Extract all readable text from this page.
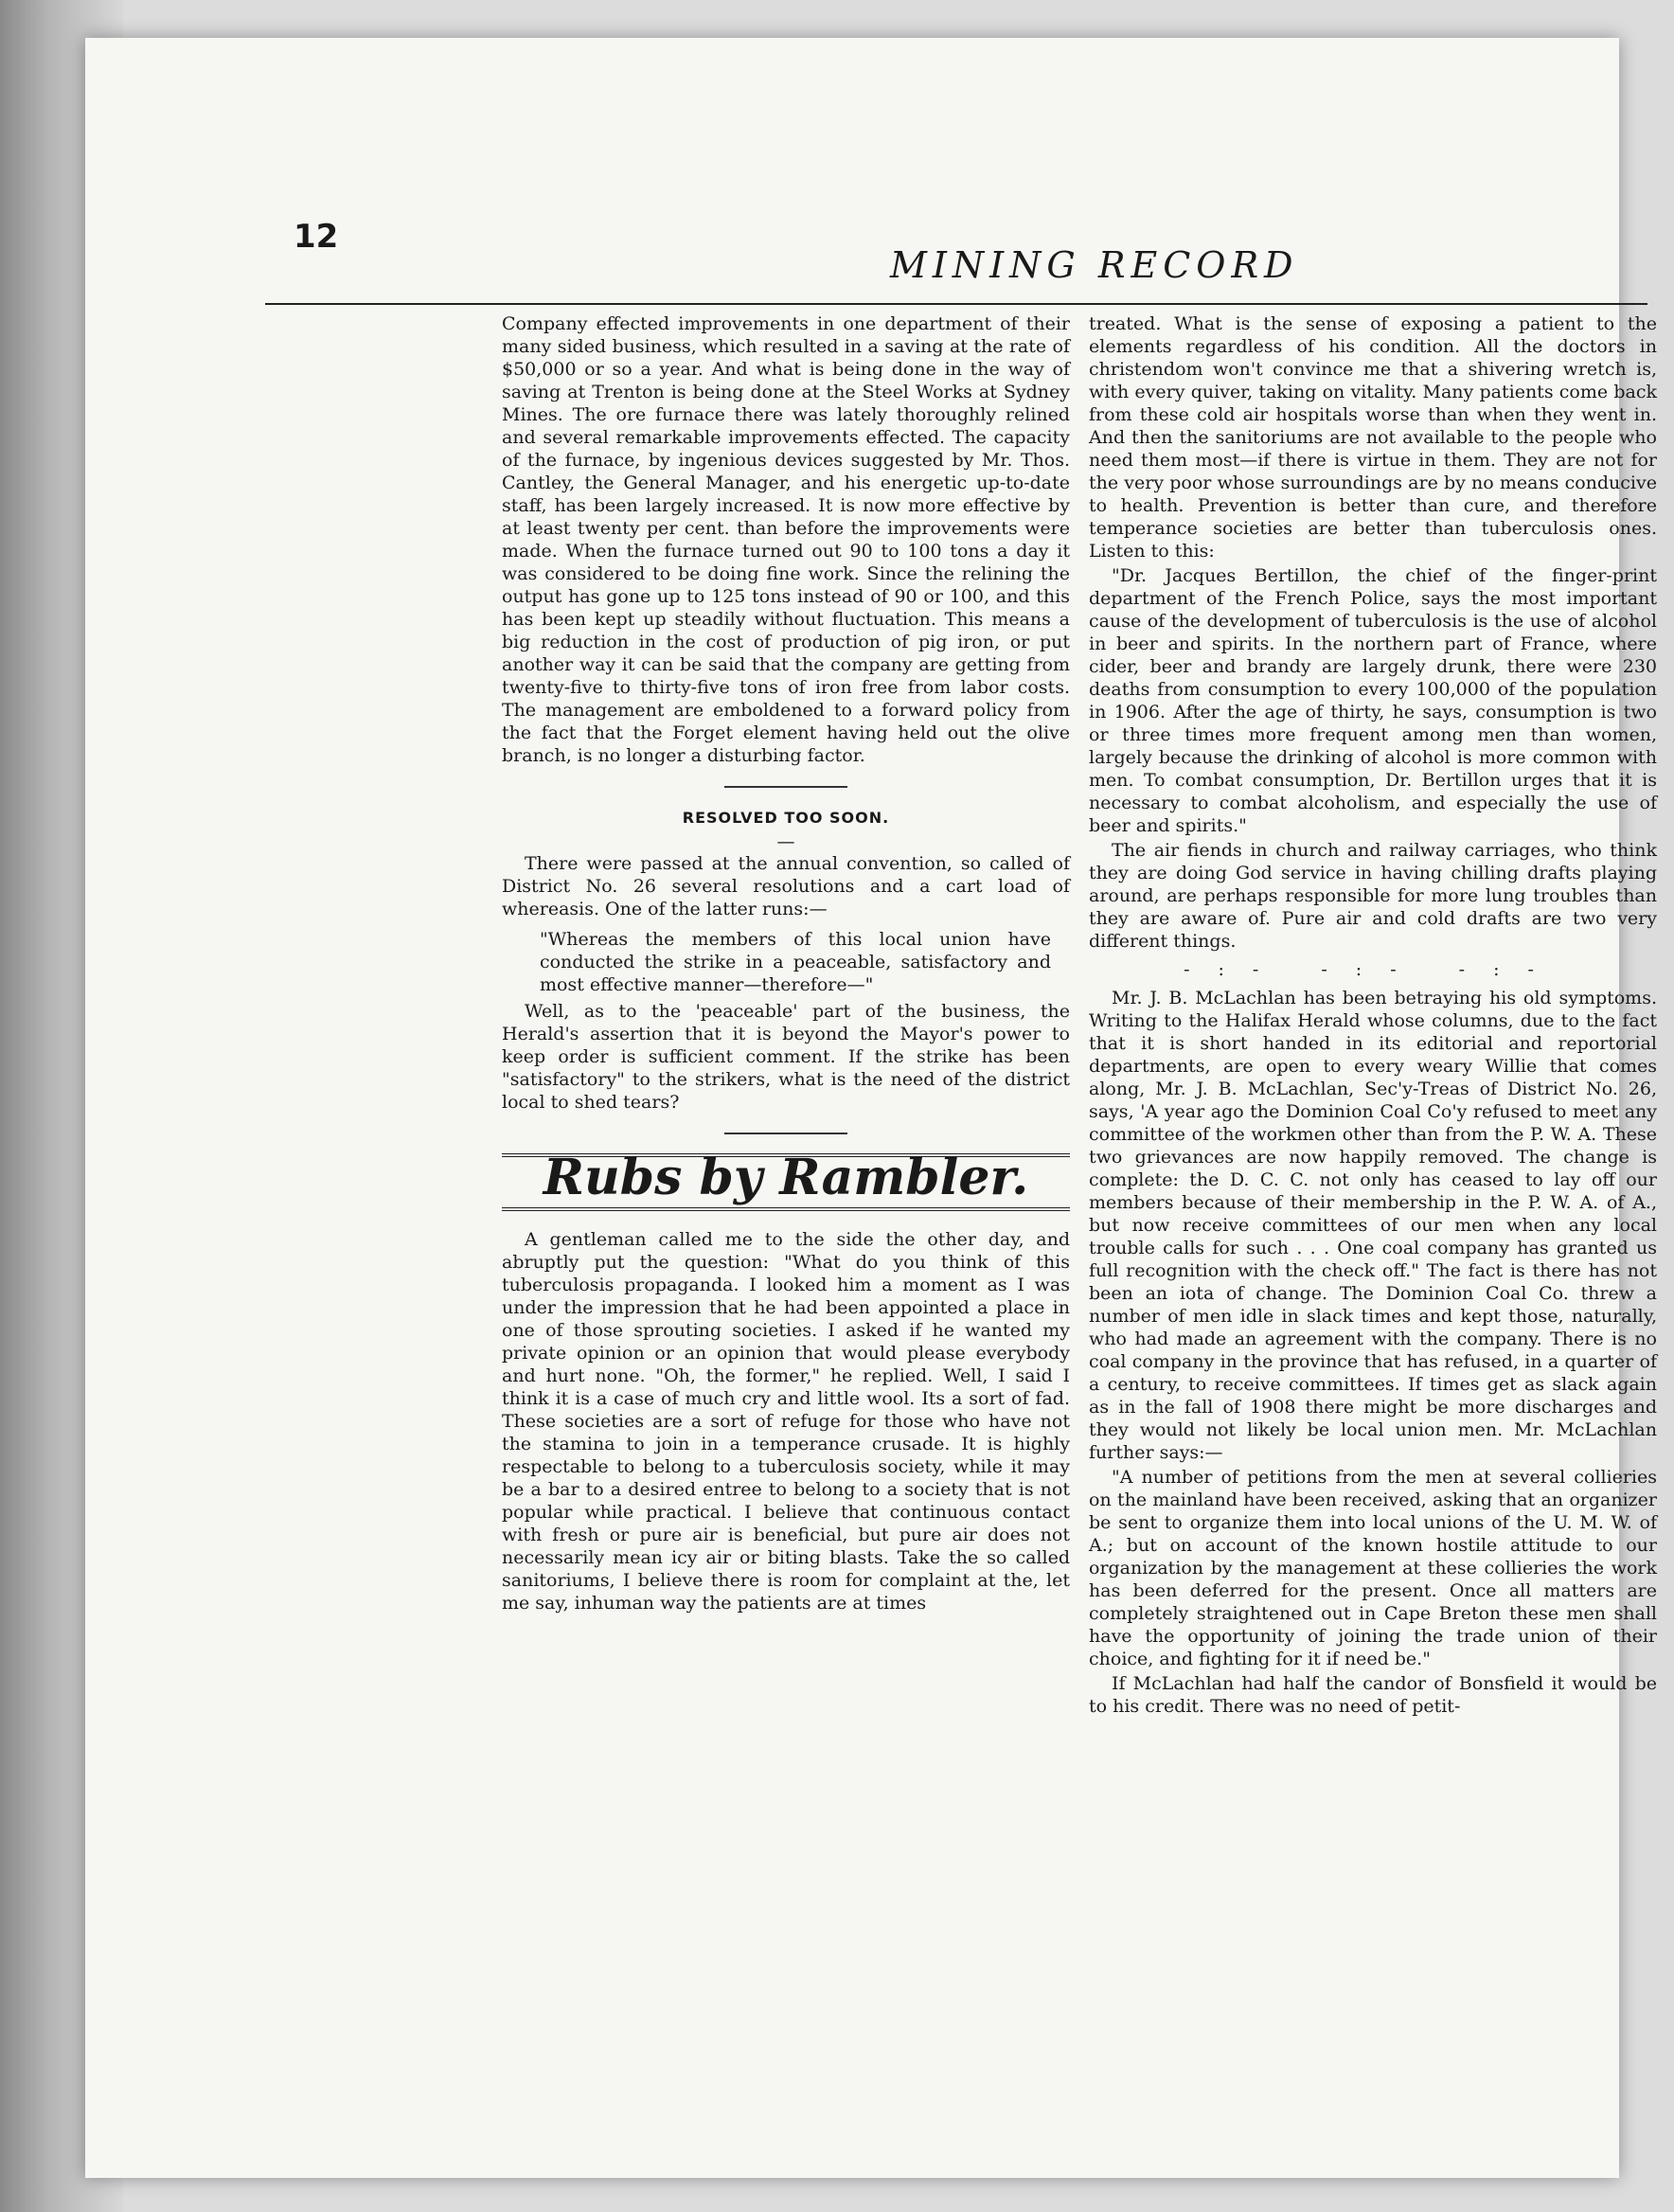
12
MINING RECORD

Company effected improvements in one department of their many sided business, which resulted in a saving at the rate of $50,000 or so a year. And what is being done in the way of saving at Trenton is being done at the Steel Works at Sydney Mines. The ore furnace there was lately thoroughly relined and several remarkable improvements effected. The capacity of the furnace, by ingenious devices suggested by Mr. Thos. Cantley, the General Manager, and his energetic up-to-date staff, has been largely increased. It is now more effective by at least twenty per cent. than before the improvements were made. When the furnace turned out 90 to 100 tons a day it was considered to be doing fine work. Since the relining the output has gone up to 125 tons instead of 90 or 100, and this has been kept up steadily without fluctuation. This means a big reduction in the cost of production of pig iron, or put another way it can be said that the company are getting from twenty-five to thirty-five tons of iron free from labor costs. The management are emboldened to a forward policy from the fact that the Forget element having held out the olive branch, is no longer a disturbing factor.

RESOLVED TOO SOON.
—

There were passed at the annual convention, so called of District No. 26 several resolutions and a cart load of whereasis. One of the latter runs:—

"Whereas the members of this local union have conducted the strike in a peaceable, satisfactory and most effective manner—therefore—"

Well, as to the 'peaceable' part of the business, the Herald's assertion that it is beyond the Mayor's power to keep order is sufficient comment. If the strike has been "satisfactory" to the strikers, what is the need of the district local to shed tears?

Rubs by Rambler.

A gentleman called me to the side the other day, and abruptly put the question: "What do you think of this tuberculosis propaganda. I looked him a moment as I was under the impression that he had been appointed a place in one of those sprouting societies. I asked if he wanted my private opinion or an opinion that would please everybody and hurt none. "Oh, the former," he replied. Well, I said I think it is a case of much cry and little wool. Its a sort of fad. These societies are a sort of refuge for those who have not the stamina to join in a temperance crusade. It is highly respectable to belong to a tuberculosis society, while it may be a bar to a desired entree to belong to a society that is not popular while practical. I believe that continuous contact with fresh or pure air is beneficial, but pure air does not necessarily mean icy air or biting blasts. Take the so called sanitoriums, I believe there is room for complaint at the, let me say, inhuman way the patients are at times

treated. What is the sense of exposing a patient to the elements regardless of his condition. All the doctors in christendom won't convince me that a shivering wretch is, with every quiver, taking on vitality. Many patients come back from these cold air hospitals worse than when they went in. And then the sanitoriums are not available to the people who need them most—if there is virtue in them. They are not for the very poor whose surroundings are by no means conducive to health. Prevention is better than cure, and therefore temperance societies are better than tuberculosis ones. Listen to this:

"Dr. Jacques Bertillon, the chief of the finger-print department of the French Police, says the most important cause of the development of tuberculosis is the use of alcohol in beer and spirits. In the northern part of France, where cider, beer and brandy are largely drunk, there were 230 deaths from consumption to every 100,000 of the population in 1906. After the age of thirty, he says, consumption is two or three times more frequent among men than women, largely because the drinking of alcohol is more common with men. To combat consumption, Dr. Bertillon urges that it is necessary to combat alcoholism, and especially the use of beer and spirits."

The air fiends in church and railway carriages, who think they are doing God service in having chilling drafts playing around, are perhaps responsible for more lung troubles than they are aware of. Pure air and cold drafts are two very different things.

-:- -:- -:-

Mr. J. B. McLachlan has been betraying his old symptoms. Writing to the Halifax Herald whose columns, due to the fact that it is short handed in its editorial and reportorial departments, are open to every weary Willie that comes along, Mr. J. B. McLachlan, Sec'y-Treas of District No. 26, says, 'A year ago the Dominion Coal Co'y refused to meet any committee of the workmen other than from the P. W. A. These two grievances are now happily removed. The change is complete: the D. C. C. not only has ceased to lay off our members because of their membership in the P. W. A. of A., but now receive committees of our men when any local trouble calls for such . . . One coal company has granted us full recognition with the check off." The fact is there has not been an iota of change. The Dominion Coal Co. threw a number of men idle in slack times and kept those, naturally, who had made an agreement with the company. There is no coal company in the province that has refused, in a quarter of a century, to receive committees. If times get as slack again as in the fall of 1908 there might be more discharges and they would not likely be local union men. Mr. McLachlan further says:—

"A number of petitions from the men at several collieries on the mainland have been received, asking that an organizer be sent to organize them into local unions of the U. M. W. of A.; but on account of the known hostile attitude to our organization by the management at these collieries the work has been deferred for the present. Once all matters are completely straightened out in Cape Breton these men shall have the opportunity of joining the trade union of their choice, and fighting for it if need be."

If McLachlan had half the candor of Bonsfield it would be to his credit. There was no need of petit-
